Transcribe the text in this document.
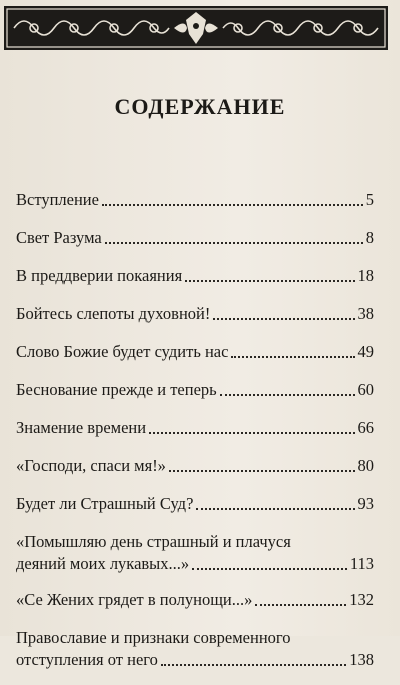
СОДЕРЖАНИЕ
Вступление	5
Свет Разума	8
В преддверии покаяния	18
Бойтесь слепоты духовной!	38
Слово Божие будет судить нас	49
Беснование прежде и теперь	60
Знамение времени	66
«Господи, спаси мя!»	80
Будет ли Страшный Суд?	93
«Помышляю день страшный и плачуся
деяний моих лукавых...»	113
«Се Жених грядет в полунощи...»	132
Православие и признаки современного
отступления от него	138
